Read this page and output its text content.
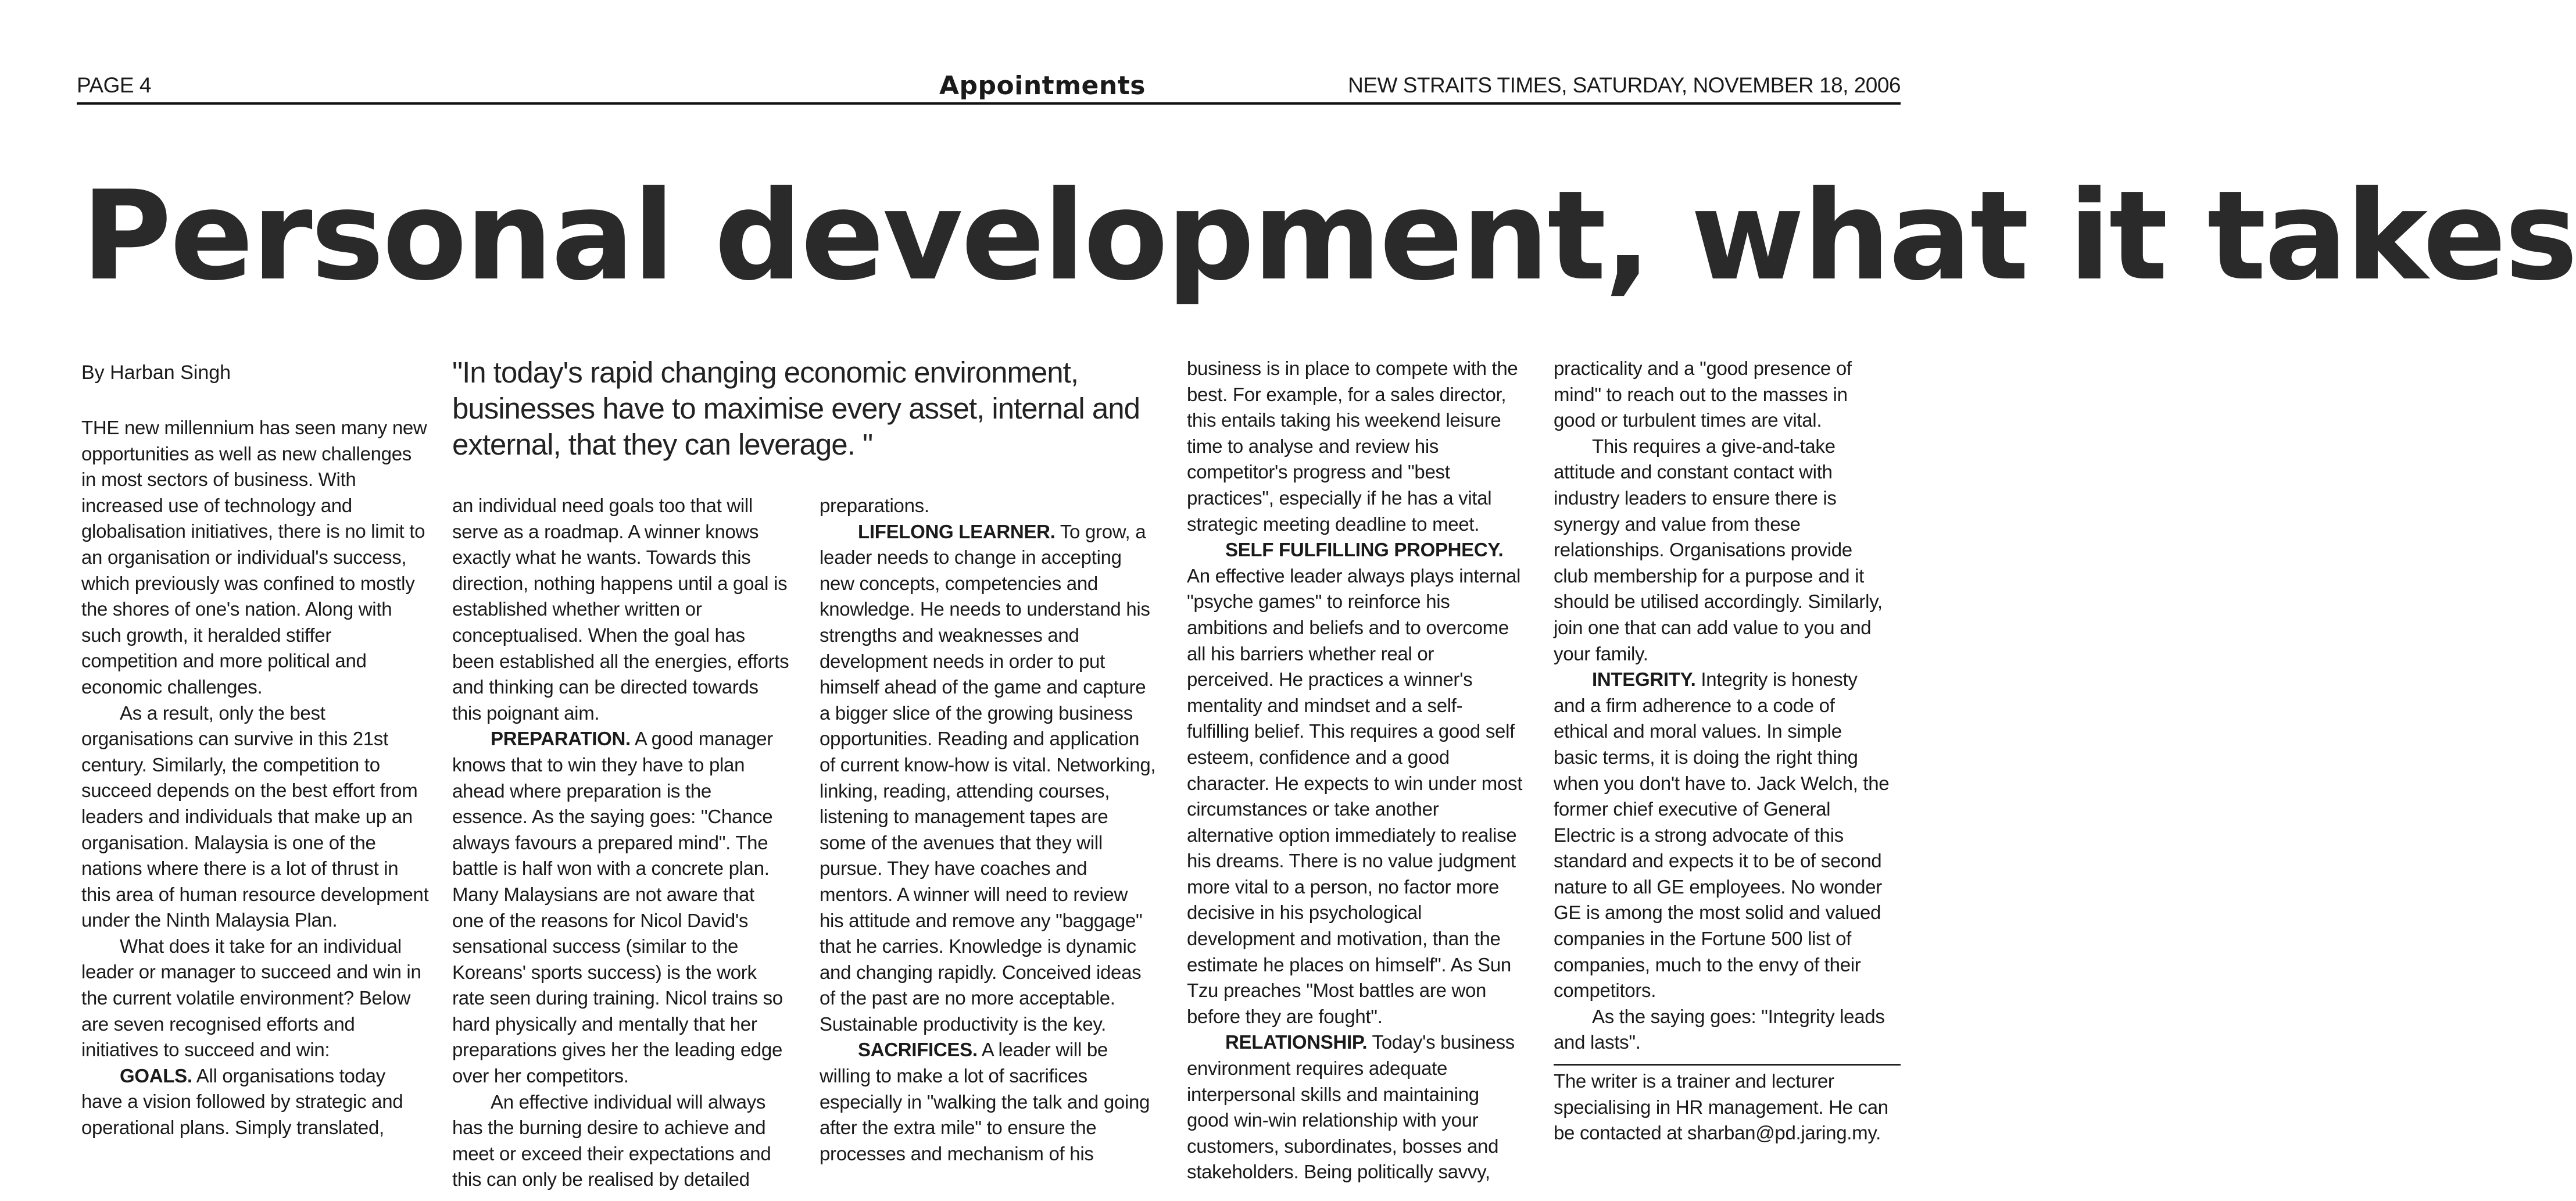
PAGE 4	Appointments	NEW STRAITS TIMES, SATURDAY, NOVEMBER 18, 2006
Personal development, what it takes
By Harban Singh	"In today's rapid changing economic environment, businesses have to maximise every asset, internal and external, that they can leverage. "

THE new millennium has seen many new opportunities as well as new challenges in most sectors of business. With increased use of technology and globalisation initiatives, there is no limit to an organisation or individual's success, which previously was confined to mostly the shores of one's nation. Along with such growth, it heralded stiffer competition and more political and economic challenges.

As a result, only the best organisations can survive in this 21st century. Similarly, the competition to succeed depends on the best effort from leaders and individuals that make up an organisation. Malaysia is one of the nations where there is a lot of thrust in this area of human resource development under the Ninth Malaysia Plan.

What does it take for an individual leader or manager to succeed and win in the current volatile environment? Below are seven recognised efforts and initiatives to succeed and win:

GOALS. All organisations today have a vision followed by strategic and operational plans. Simply translated,

an individual need goals too that will serve as a roadmap. A winner knows exactly what he wants. Towards this direction, nothing happens until a goal is established whether written or conceptualised. When the goal has been established all the energies, efforts and thinking can be directed towards this poignant aim.

PREPARATION. A good manager knows that to win they have to plan ahead where preparation is the essence. As the saying goes: "Chance always favours a prepared mind". The battle is half won with a concrete plan. Many Malaysians are not aware that one of the reasons for Nicol David's sensational success (similar to the Koreans' sports success) is the work rate seen during training. Nicol trains so hard physically and mentally that her preparations gives her the leading edge over her competitors.

An effective individual will always has the burning desire to achieve and meet or exceed their expectations and this can only be realised by detailed

preparations.

LIFELONG LEARNER. To grow, a leader needs to change in accepting new concepts, competencies and knowledge. He needs to understand his strengths and weaknesses and development needs in order to put himself ahead of the game and capture a bigger slice of the growing business opportunities. Reading and application of current know-how is vital. Networking, linking, reading, attending courses, listening to management tapes are some of the avenues that they will pursue. They have coaches and mentors. A winner will need to review his attitude and remove any "baggage" that he carries. Knowledge is dynamic and changing rapidly. Conceived ideas of the past are no more acceptable. Sustainable productivity is the key.

SACRIFICES. A leader will be willing to make a lot of sacrifices especially in "walking the talk and going after the extra mile" to ensure the processes and mechanism of his

business is in place to compete with the best. For example, for a sales director, this entails taking his weekend leisure time to analyse and review his competitor's progress and "best practices", especially if he has a vital strategic meeting deadline to meet.

SELF FULFILLING PROPHECY. An effective leader always plays internal "psyche games" to reinforce his ambitions and beliefs and to overcome all his barriers whether real or perceived. He practices a winner's mentality and mindset and a self-fulfilling belief. This requires a good self esteem, confidence and a good character. He expects to win under most circumstances or take another alternative option immediately to realise his dreams. There is no value judgment more vital to a person, no factor more decisive in his psychological development and motivation, than the estimate he places on himself". As Sun Tzu preaches "Most battles are won before they are fought".

RELATIONSHIP. Today's business environment requires adequate interpersonal skills and maintaining good win-win relationship with your customers, subordinates, bosses and stakeholders. Being politically savvy,

practicality and a "good presence of mind" to reach out to the masses in good or turbulent times are vital.

This requires a give-and-take attitude and constant contact with industry leaders to ensure there is synergy and value from these relationships. Organisations provide club membership for a purpose and it should be utilised accordingly. Similarly, join one that can add value to you and your family.

INTEGRITY. Integrity is honesty and a firm adherence to a code of ethical and moral values. In simple basic terms, it is doing the right thing when you don't have to. Jack Welch, the former chief executive of General Electric is a strong advocate of this standard and expects it to be of second nature to all GE employees. No wonder GE is among the most solid and valued companies in the Fortune 500 list of companies, much to the envy of their competitors.

As the saying goes: "Integrity leads and lasts".

The writer is a trainer and lecturer specialising in HR management. He can be contacted at sharban@pd.jaring.my.
